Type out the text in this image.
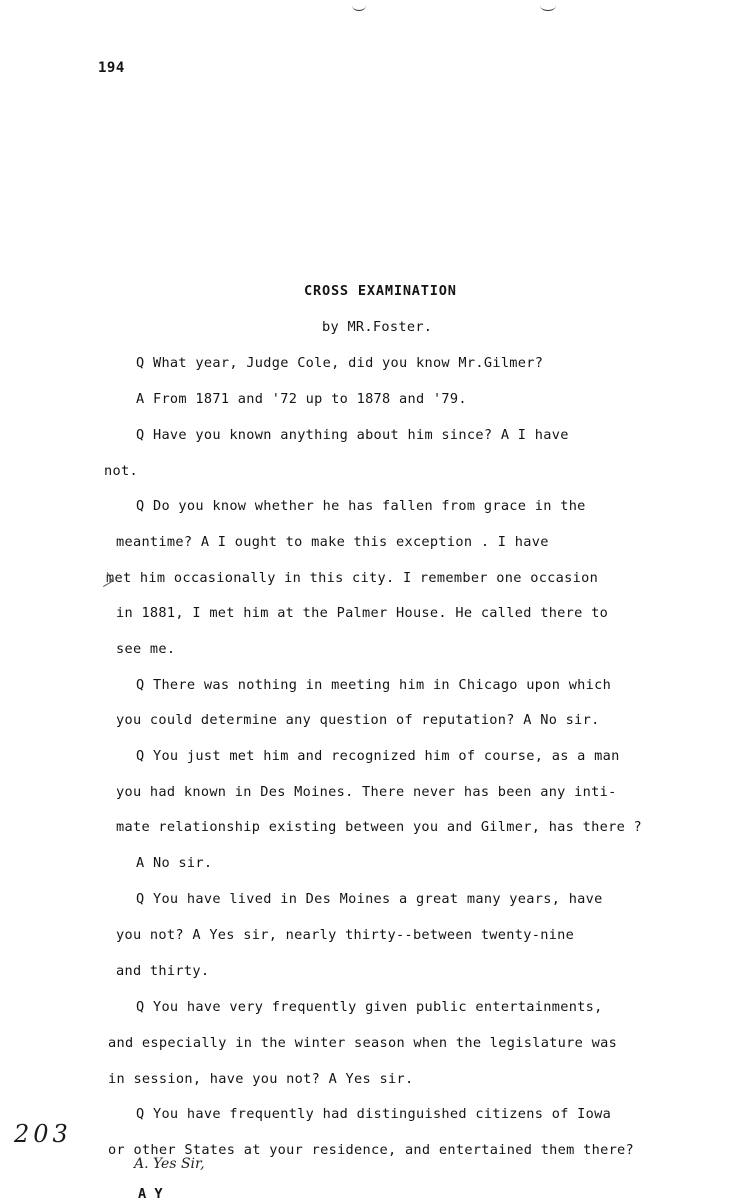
194
CROSS EXAMINATION
by MR.Foster.
Q What year, Judge Cole, did you know Mr.Gilmer?
A From 1871 and '72 up to 1878 and '79.
Q Have you known anything about him since? A I have
not.
Q Do you know whether he has fallen from grace in the
meantime? A I ought to make this exception . I have
met him occasionally in this city. I remember one occasion
in 1881, I met him at the Palmer House. He called there to
see me.
Q There was nothing in meeting him in Chicago upon which
you could determine any question of reputation? A No sir.
Q You just met him and recognized him of course, as a man
you had known in Des Moines. There never has been any inti-
mate relationship existing between you and Gilmer, has there ?
A No sir.
Q You have lived in Des Moines a great many years, have
you not? A Yes sir, nearly thirty--between twenty-nine
and thirty.
Q You have very frequently given public entertainments,
and especially in the winter season when the legislature was
in session, have you not? A Yes sir.
Q You have frequently had distinguished citizens of Iowa
or other States at your residence, and entertained them there?
203
A. Yes Sir,
A Y
